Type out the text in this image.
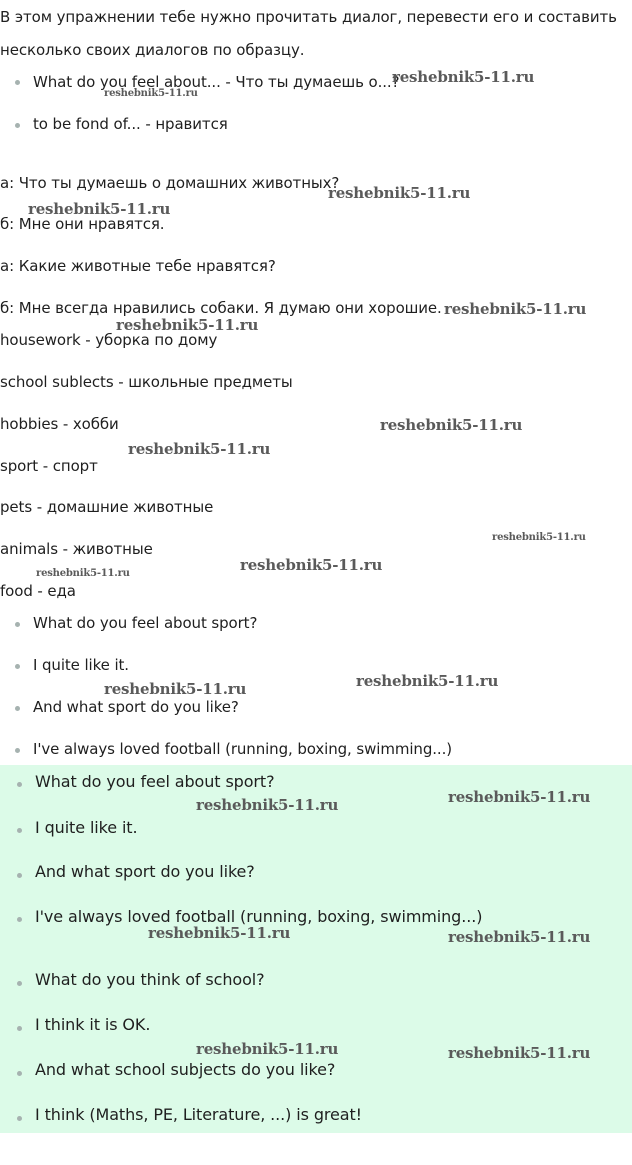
В этом упражнении тебе нужно прочитать диалог, перевести его и составить
несколько своих диалогов по образцу.
What do you feel about... - Что ты думаешь о...?
to be fond of... - нравится
а: Что ты думаешь о домашних животных?
б: Мне они нравятся.
а: Какие животные тебе нравятся?
б: Мне всегда нравились собаки. Я думаю они хорошие.
housework - уборка по дому
school sublects - школьные предметы
hobbies - хобби
sport - спорт
pets - домашние животные
animals - животные
food - еда
What do you feel about sport?
I quite like it.
And what sport do you like?
I've always loved football (running, boxing, swimming...)
What do you feel about sport?
I quite like it.
And what sport do you like?
I've always loved football (running, boxing, swimming...)
What do you think of school?
I think it is OK.
And what school subjects do you like?
I think (Maths, PE, Literature, ...) is great!
reshebnik5-11.ru
reshebnik5-11.ru
reshebnik5-11.ru
reshebnik5-11.ru
reshebnik5-11.ru
reshebnik5-11.ru
reshebnik5-11.ru
reshebnik5-11.ru
reshebnik5-11.ru
reshebnik5-11.ru
reshebnik5-11.ru
reshebnik5-11.ru
reshebnik5-11.ru
reshebnik5-11.ru
reshebnik5-11.ru
reshebnik5-11.ru	reshebnik5-11.ru
reshebnik5-11.ru	reshebnik5-11.ru
